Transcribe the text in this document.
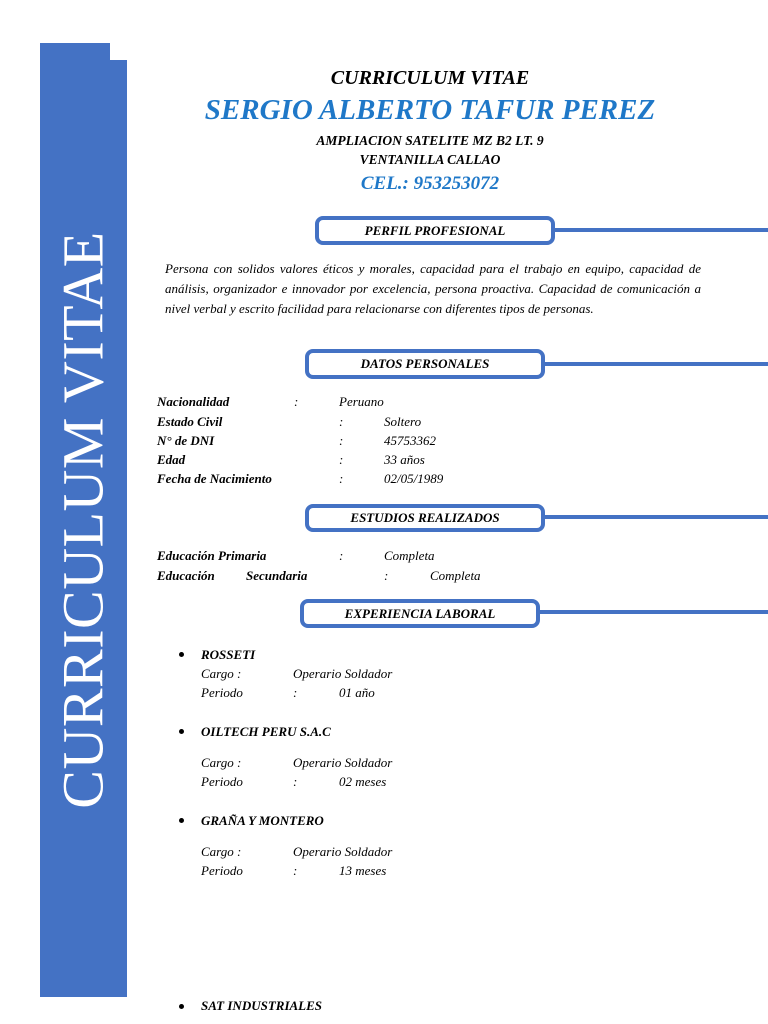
CURRICULUM VITAE
CURRICULUM VITAE
SERGIO ALBERTO TAFUR PEREZ
AMPLIACION SATELITE MZ B2 LT. 9
VENTANILLA CALLAO
CEL.: 953253072
PERFIL PROFESIONAL
Persona con solidos valores éticos y morales, capacidad para el trabajo en equipo, capacidad de análisis, organizador e innovador por excelencia, persona proactiva. Capacidad de comunicación a nivel verbal y escrito facilidad para relacionarse con diferentes tipos de personas.
DATOS PERSONALES
Nacionalidad	:	Peruano
Estado Civil	:	Soltero
N° de DNI	:	45753362
Edad	:	33 años
Fecha de Nacimiento	:	02/05/1989
ESTUDIOS REALIZADOS
Educación Primaria	:	Completa
Educación Secundaria	:	Completa
EXPERIENCIA LABORAL
ROSSETI
Cargo :	Operario Soldador
Periodo	:	01 año
OILTECH PERU S.A.C
Cargo :	Operario Soldador
Periodo	:	02 meses
GRAÑA Y MONTERO
Cargo :	Operario Soldador
Periodo	:	13 meses
SAT INDUSTRIALES
